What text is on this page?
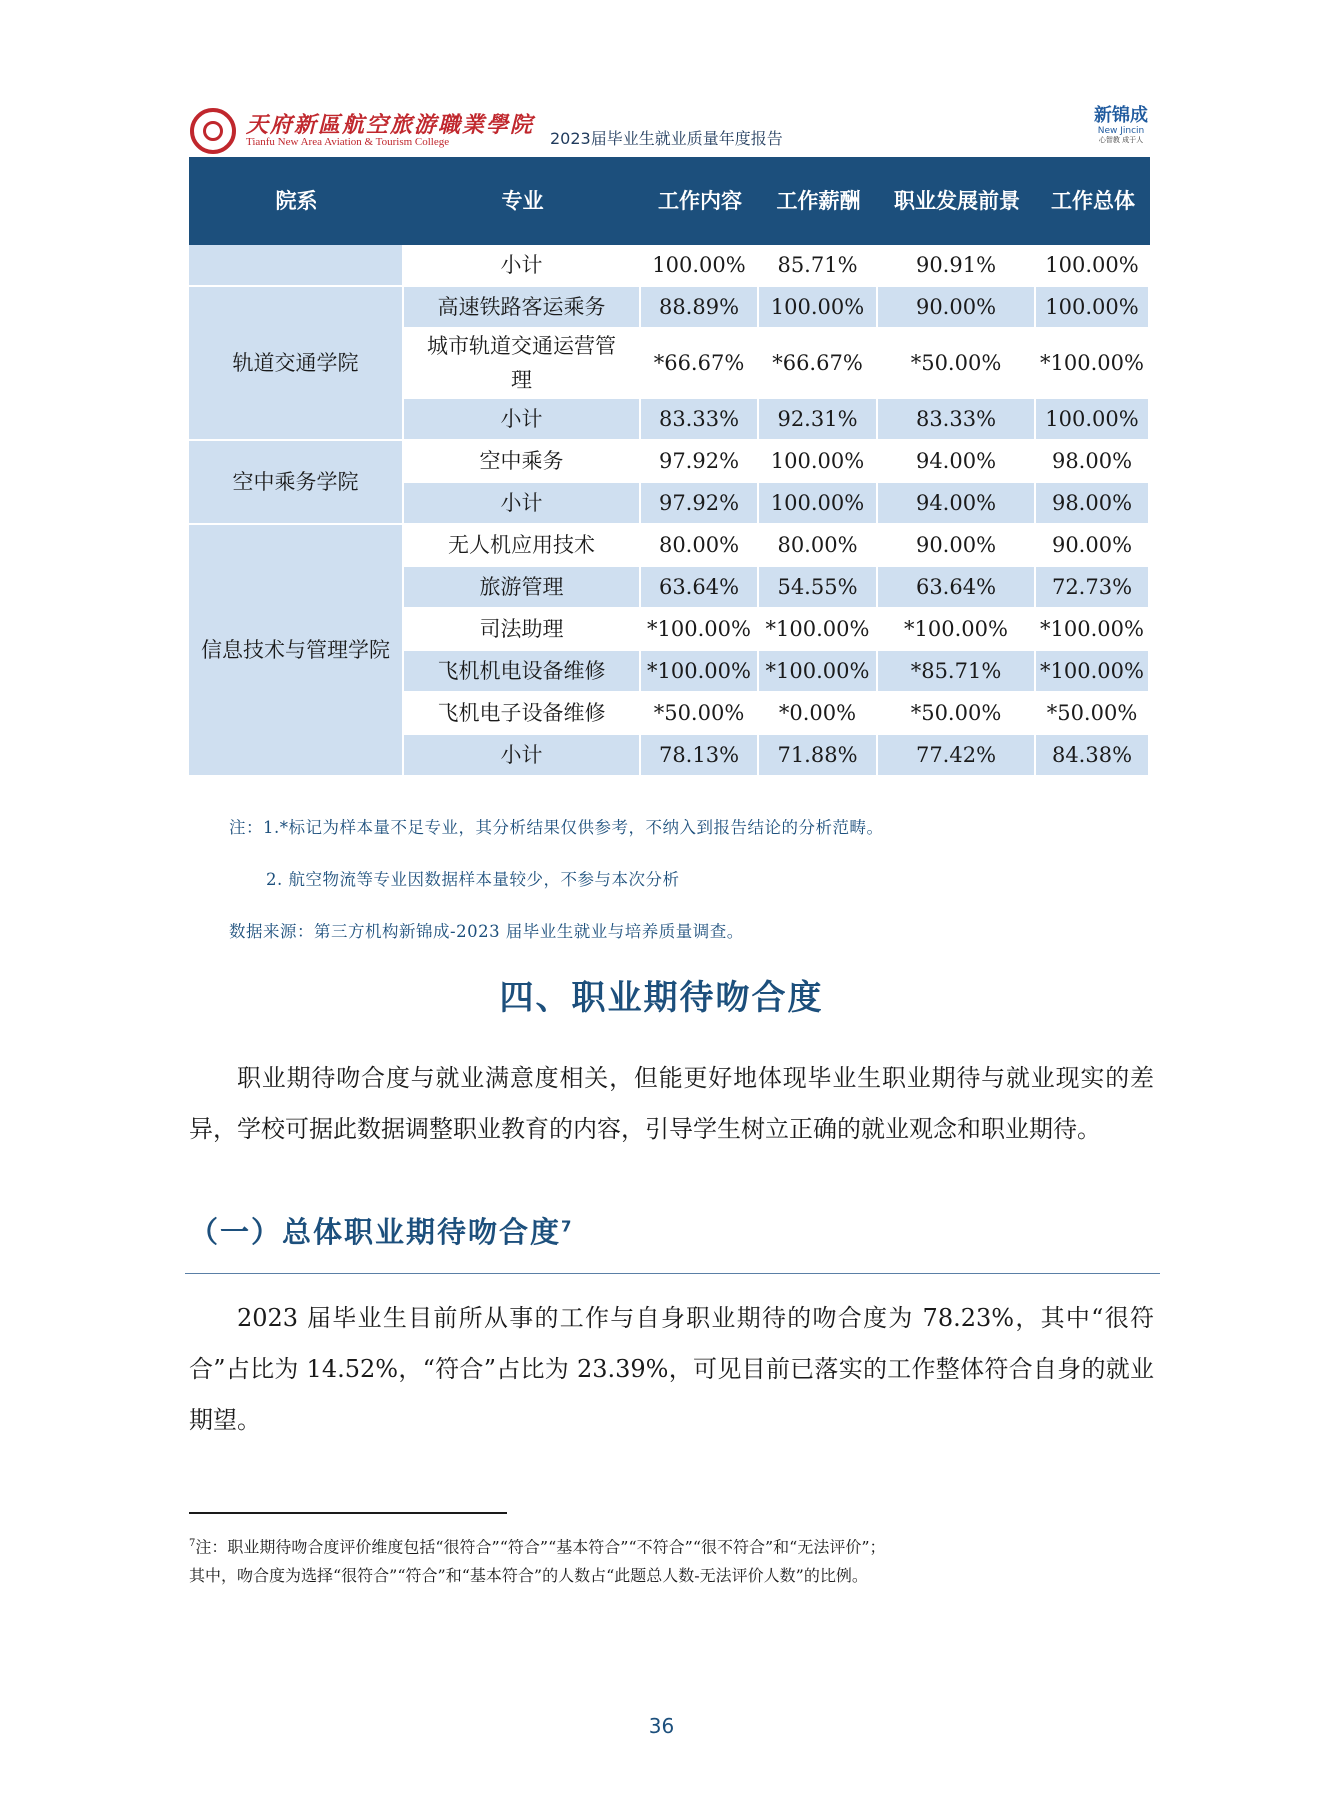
天府新區航空旅游職業學院
Tianfu New Area Aviation & Tourism College	2023届毕业生就业质量年度报告
新锦成
New Jincin
心智教 成于人
院系	专业	工作内容	工作薪酬	职业发展前景	工作总体
	小计	100.00%	85.71%	90.91%	100.00%
轨道交通学院	高速铁路客运乘务	88.89%	100.00%	90.00%	100.00%
	城市轨道交通运营管理	*66.67%	*66.67%	*50.00%	*100.00%
	小计	83.33%	92.31%	83.33%	100.00%
空中乘务学院	空中乘务	97.92%	100.00%	94.00%	98.00%
	小计	97.92%	100.00%	94.00%	98.00%
信息技术与管理学院	无人机应用技术	80.00%	80.00%	90.00%	90.00%
	旅游管理	63.64%	54.55%	63.64%	72.73%
	司法助理	*100.00%	*100.00%	*100.00%	*100.00%
	飞机机电设备维修	*100.00%	*100.00%	*85.71%	*100.00%
	飞机电子设备维修	*50.00%	*0.00%	*50.00%	*50.00%
	小计	78.13%	71.88%	77.42%	84.38%
注：1.*标记为样本量不足专业，其分析结果仅供参考，不纳入到报告结论的分析范畴。
2. 航空物流等专业因数据样本量较少，不参与本次分析
数据来源：第三方机构新锦成-2023 届毕业生就业与培养质量调查。
四、职业期待吻合度
职业期待吻合度与就业满意度相关，但能更好地体现毕业生职业期待与就业现实的差异，学校可据此数据调整职业教育的内容，引导学生树立正确的就业观念和职业期待。
（一）总体职业期待吻合度$^7$
2023 届毕业生目前所从事的工作与自身职业期待的吻合度为 78.23%，其中“很符合”占比为 14.52%，“符合”占比为 23.39%，可见目前已落实的工作整体符合自身的就业期望。
$^7$注：职业期待吻合度评价维度包括“很符合”“符合”“基本符合”“不符合”“很不符合”和“无法评价”；
其中，吻合度为选择“很符合”“符合”和“基本符合”的人数占“此题总人数-无法评价人数”的比例。
36
